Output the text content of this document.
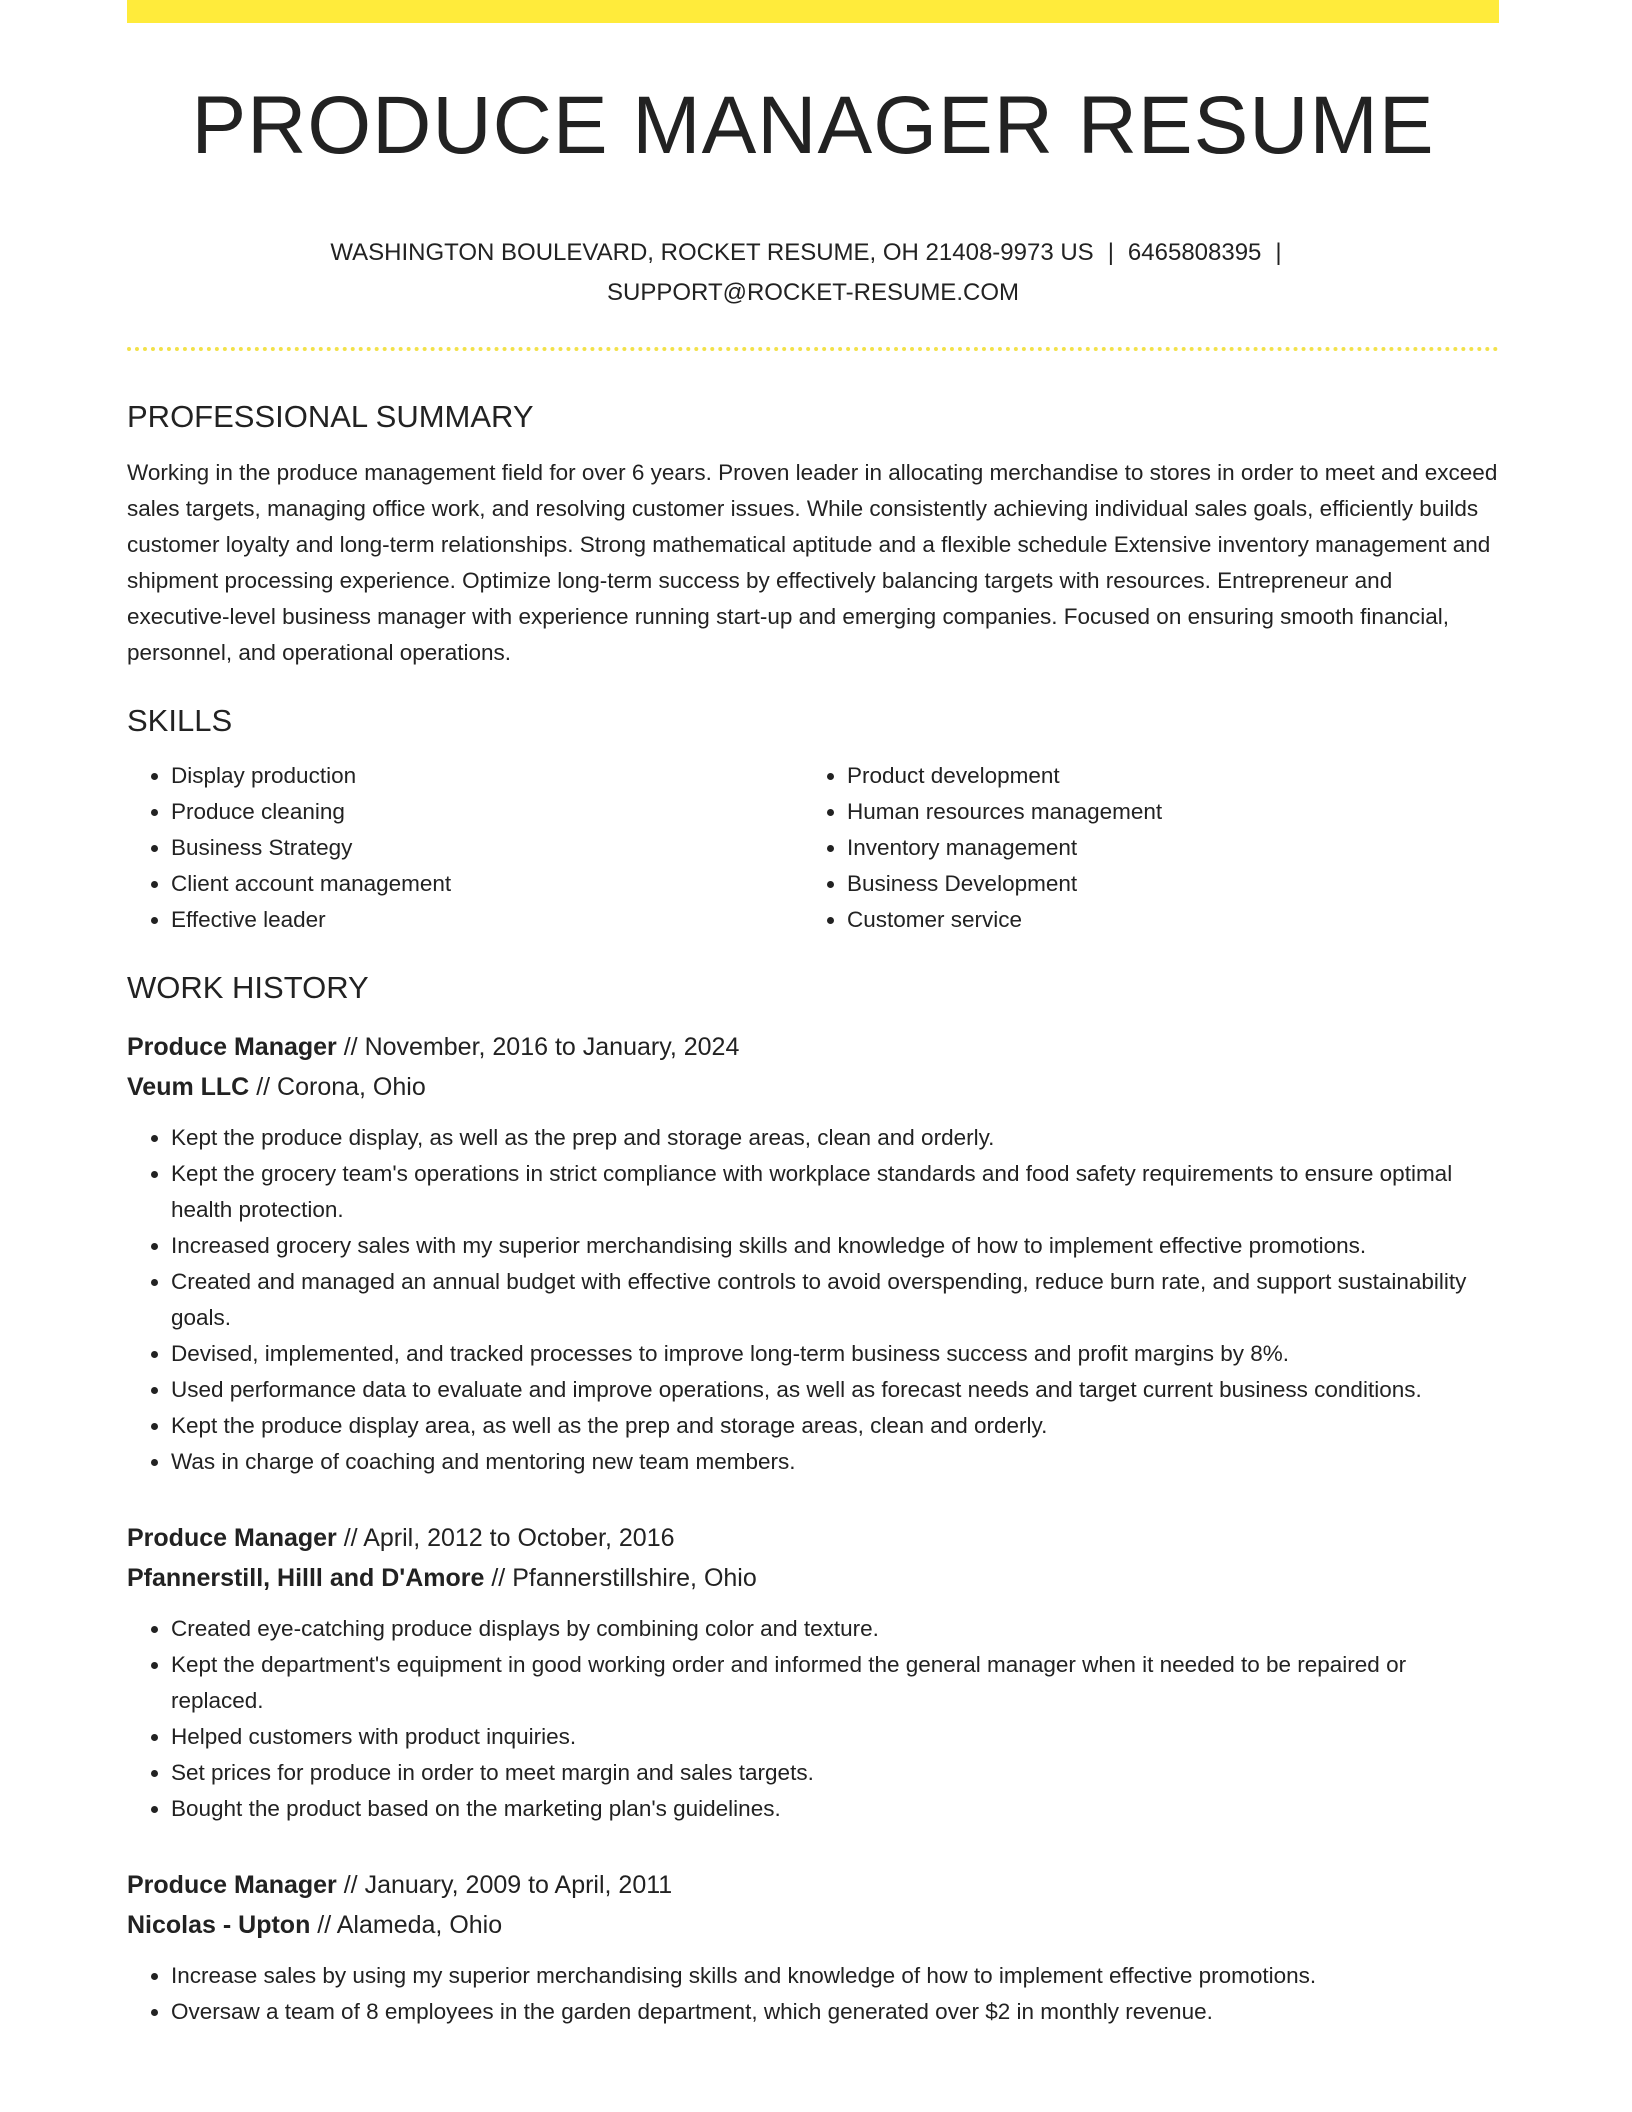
PRODUCE MANAGER RESUME
WASHINGTON BOULEVARD, ROCKET RESUME, OH 21408-9973 US | 6465808395 |
SUPPORT@ROCKET-RESUME.COM
PROFESSIONAL SUMMARY
Working in the produce management field for over 6 years. Proven leader in allocating merchandise to stores in order to meet and exceed sales targets, managing office work, and resolving customer issues. While consistently achieving individual sales goals, efficiently builds customer loyalty and long-term relationships. Strong mathematical aptitude and a flexible schedule Extensive inventory management and shipment processing experience. Optimize long-term success by effectively balancing targets with resources. Entrepreneur and executive-level business manager with experience running start-up and emerging companies. Focused on ensuring smooth financial, personnel, and operational operations.
SKILLS
• Display production
• Produce cleaning
• Business Strategy
• Client account management
• Effective leader
• Product development
• Human resources management
• Inventory management
• Business Development
• Customer service
WORK HISTORY
Produce Manager // November, 2016 to January, 2024
Veum LLC // Corona, Ohio
• Kept the produce display, as well as the prep and storage areas, clean and orderly.
• Kept the grocery team's operations in strict compliance with workplace standards and food safety requirements to ensure optimal health protection.
• Increased grocery sales with my superior merchandising skills and knowledge of how to implement effective promotions.
• Created and managed an annual budget with effective controls to avoid overspending, reduce burn rate, and support sustainability goals.
• Devised, implemented, and tracked processes to improve long-term business success and profit margins by 8%.
• Used performance data to evaluate and improve operations, as well as forecast needs and target current business conditions.
• Kept the produce display area, as well as the prep and storage areas, clean and orderly.
• Was in charge of coaching and mentoring new team members.
Produce Manager // April, 2012 to October, 2016
Pfannerstill, Hilll and D'Amore // Pfannerstillshire, Ohio
• Created eye-catching produce displays by combining color and texture.
• Kept the department's equipment in good working order and informed the general manager when it needed to be repaired or replaced.
• Helped customers with product inquiries.
• Set prices for produce in order to meet margin and sales targets.
• Bought the product based on the marketing plan's guidelines.
Produce Manager // January, 2009 to April, 2011
Nicolas - Upton // Alameda, Ohio
• Increase sales by using my superior merchandising skills and knowledge of how to implement effective promotions.
• Oversaw a team of 8 employees in the garden department, which generated over $2 in monthly revenue.
